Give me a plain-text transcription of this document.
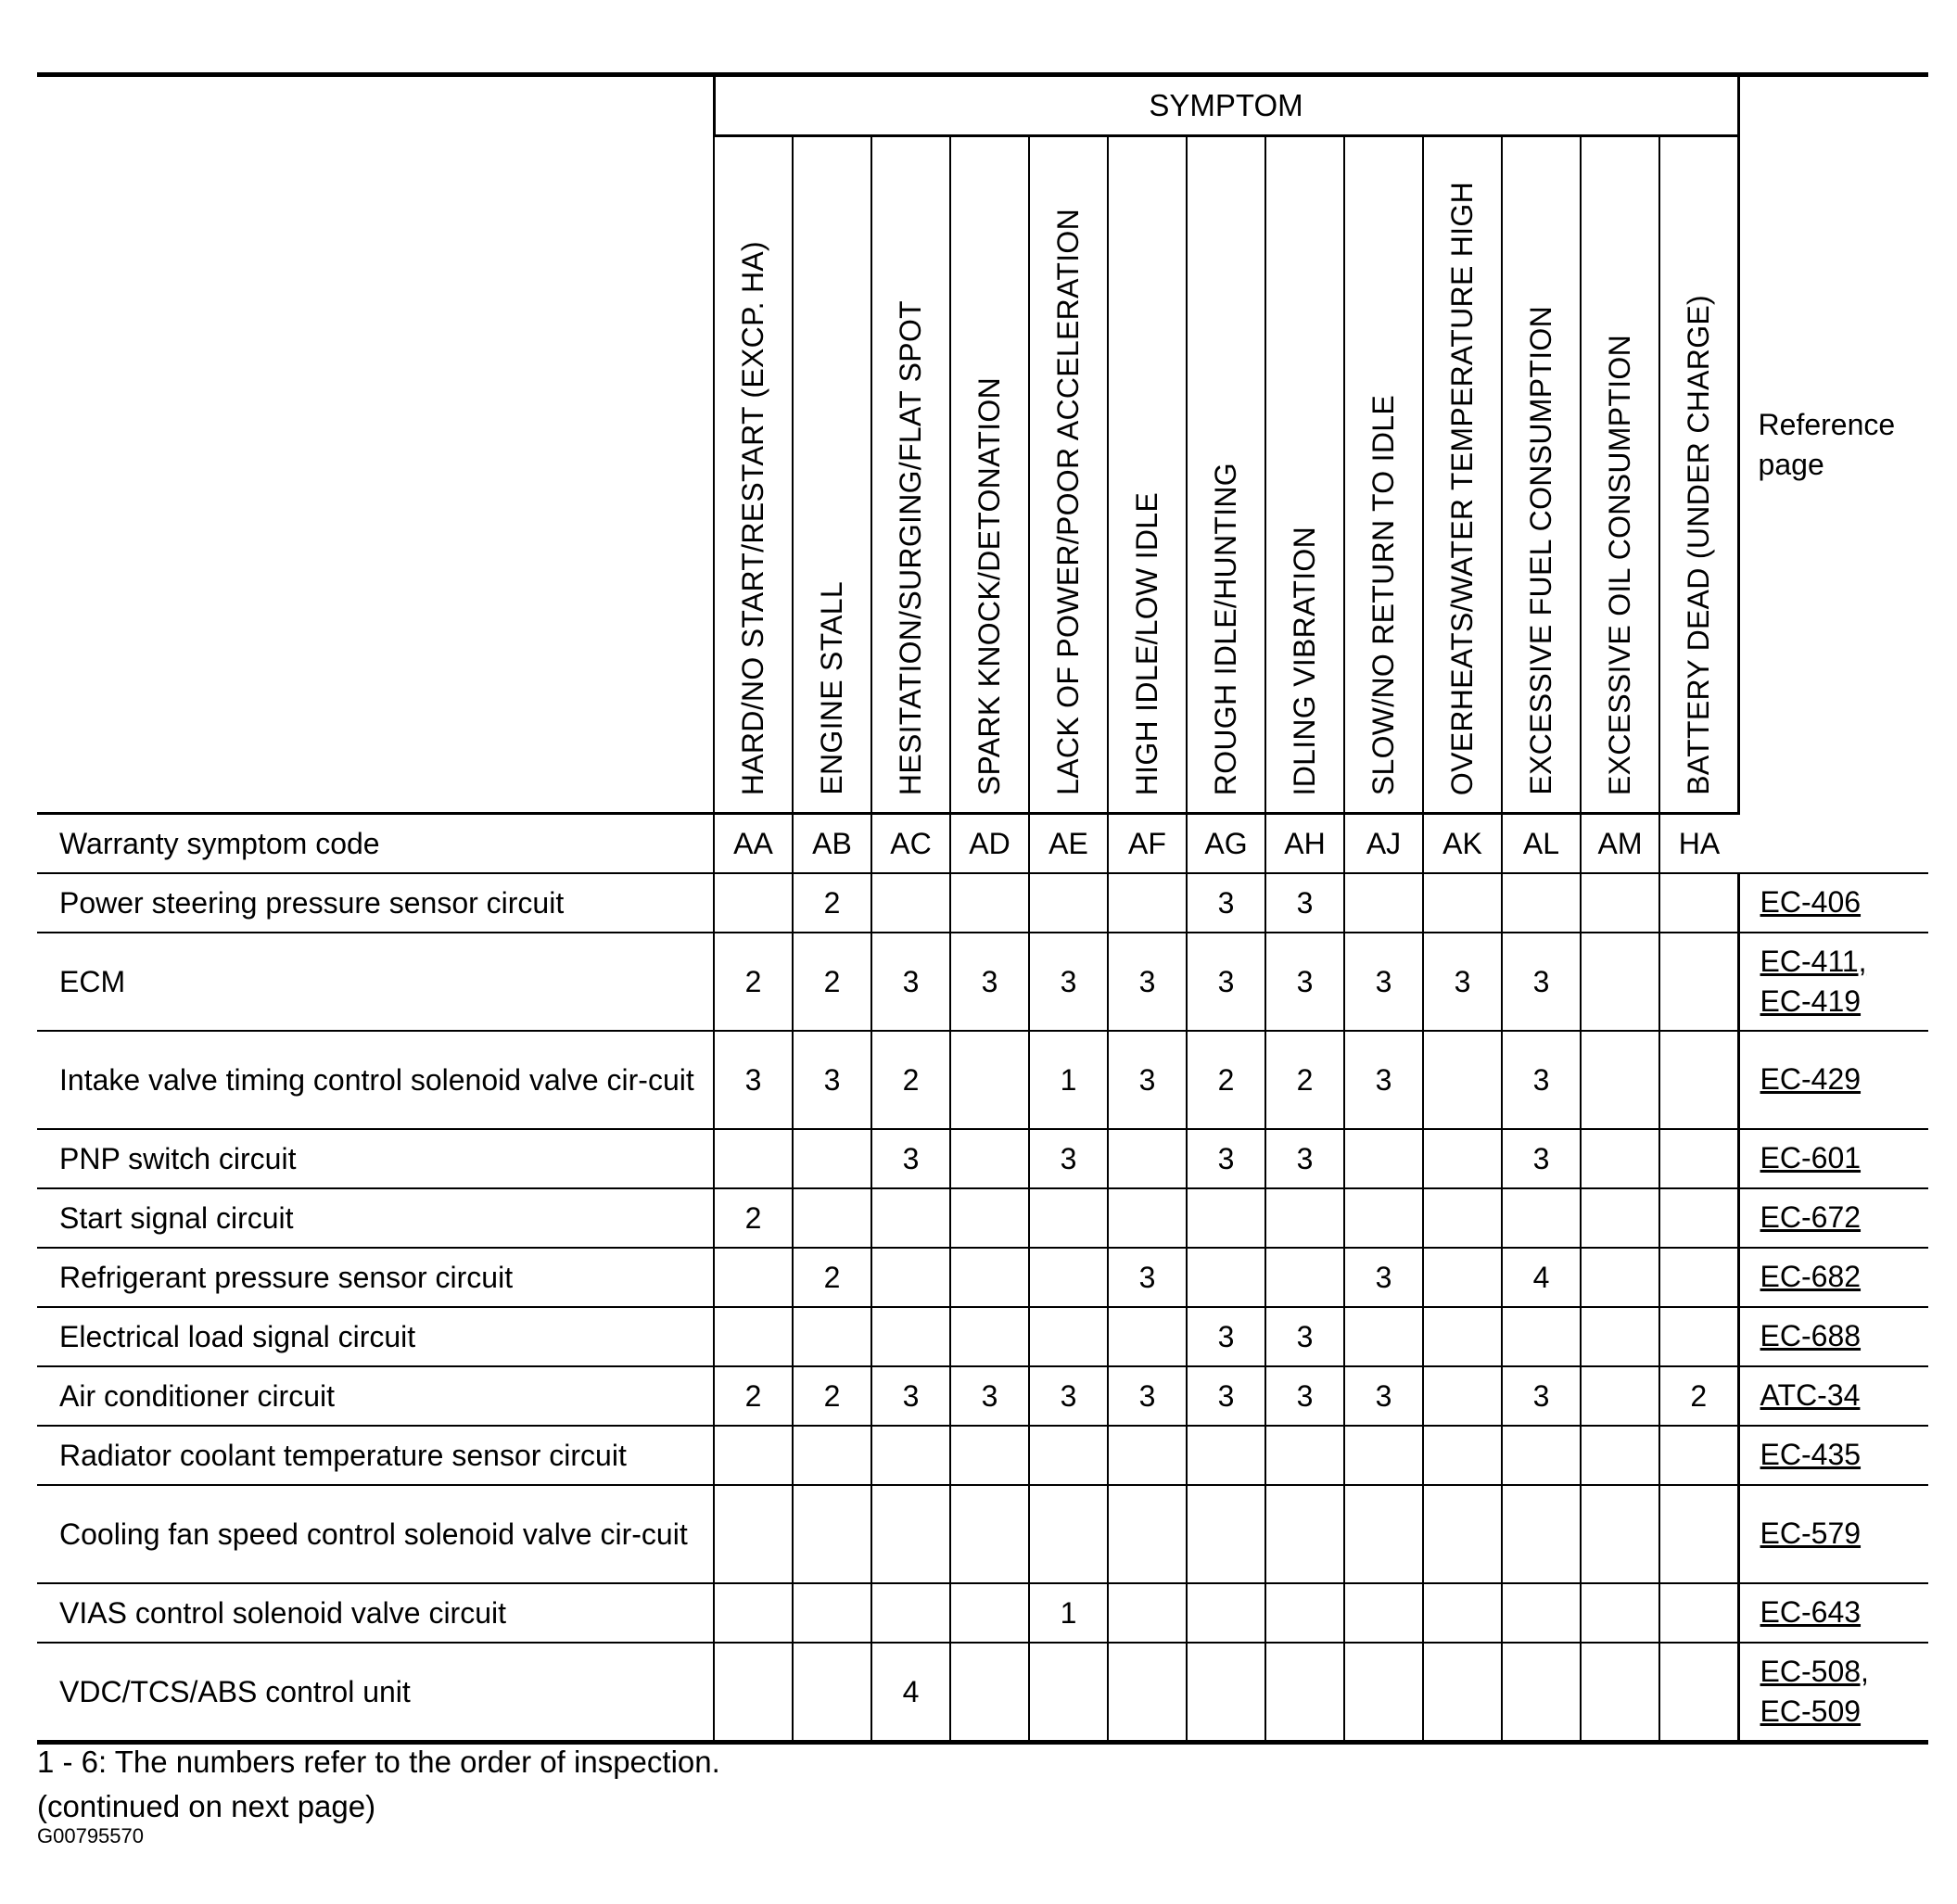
	SYMPTOM													Reference page

	HARD/NO START/RESTART (EXCP. HA)	ENGINE STALL	HESITATION/SURGING/FLAT SPOT	SPARK KNOCK/DETONATION	LACK OF POWER/POOR ACCELERATION	HIGH IDLE/LOW IDLE	ROUGH IDLE/HUNTING	IDLING VIBRATION	SLOW/NO RETURN TO IDLE	OVERHEATS/WATER TEMPERATURE HIGH	EXCESSIVE FUEL CONSUMPTION	EXCESSIVE OIL CONSUMPTION	BATTERY DEAD (UNDER CHARGE)	

Warranty symptom code	AA	AB	AC	AD	AE	AF	AG	AH	AJ	AK	AL	AM	HA	
Power steering pressure sensor circuit		2					3	3						EC-406

ECM	2	2	3	3	3	3	3	3	3	3	3			EC-411,
EC-419

Intake valve timing control solenoid valve cir-cuit	3	3	2		1	3	2	2	3		3			EC-429

PNP switch circuit			3		3		3	3			3			EC-601

Start signal circuit	2													EC-672

Refrigerant pressure sensor circuit		2				3			3		4			EC-682

Electrical load signal circuit							3	3						EC-688

Air conditioner circuit	2	2	3	3	3	3	3	3	3		3		2	ATC-34

Radiator coolant temperature sensor circuit														EC-435

Cooling fan speed control solenoid valve cir-cuit														EC-579

VIAS control solenoid valve circuit					1									EC-643

VDC/TCS/ABS control unit			4											EC-508,
EC-509
1 - 6: The numbers refer to the order of inspection.
(continued on next page)
G00795570
